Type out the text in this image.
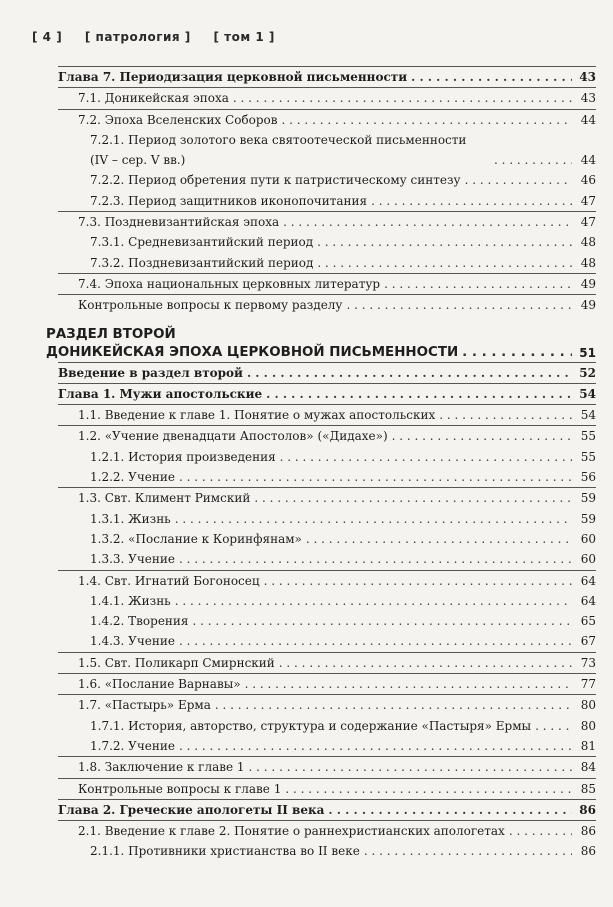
[ 4 ] [ патрология ] [ том 1 ]
Глава 7. Периодизация церковной письменности . . .	43
7.1. Доникейская эпоха . . .	43
7.2. Эпоха Вселенских Соборов . . .	44
7.2.1. Период золотого века святоотеческой письменности
(IV – сер. V вв.) . . .	44
7.2.2. Период обретения пути к патристическому синтезу . . .	46
7.2.3. Период защитников иконопочитания . . .	47
7.3. Поздневизантийская эпоха . . .	47
7.3.1. Средневизантийский период . . .	48
7.3.2. Поздневизантийский период . . .	48
7.4. Эпоха национальных церковных литератур . . .	49
Контрольные вопросы к первому разделу . . .	49
РАЗДЕЛ ВТОРОЙ
ДОНИКЕЙСКАЯ ЭПОХА ЦЕРКОВНОЙ ПИСЬМЕННОСТИ . . .	51
Введение в раздел второй . . .	52
Глава 1. Мужи апостольские . . .	54
1.1. Введение к главе 1. Понятие о мужах апостольских . . .	54
1.2. «Учение двенадцати Апостолов» («Дидахе») . . .	55
1.2.1. История произведения . . .	55
1.2.2. Учение . . .	56
1.3. Свт. Климент Римский . . .	59
1.3.1. Жизнь . . .	59
1.3.2. «Послание к Коринфянам» . . .	60
1.3.3. Учение . . .	60
1.4. Свт. Игнатий Богоносец . . .	64
1.4.1. Жизнь . . .	64
1.4.2. Творения . . .	65
1.4.3. Учение . . .	67
1.5. Свт. Поликарп Смирнский . . .	73
1.6. «Послание Варнавы» . . .	77
1.7. «Пастырь» Ерма . . .	80
1.7.1. История, авторство, структура и содержание «Пастыря» Ермы . . .	80
1.7.2. Учение . . .	81
1.8. Заключение к главе 1 . . .	84
Контрольные вопросы к главе 1 . . .	85
Глава 2. Греческие апологеты II века . . .	86
2.1. Введение к главе 2. Понятие о раннехристианских апологетах . . .	86
2.1.1. Противники христианства во II веке . . .	86
